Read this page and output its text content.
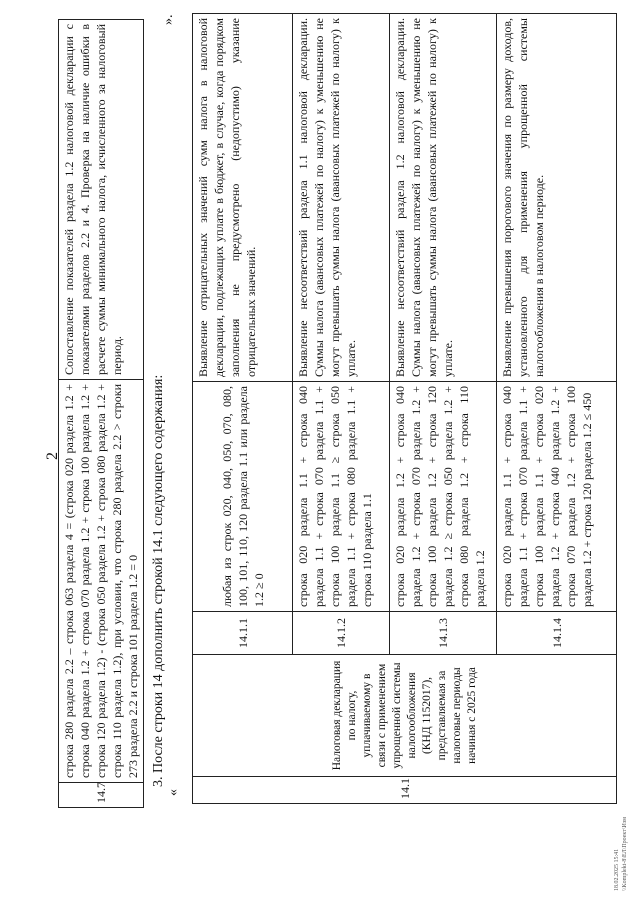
2
14.7	строка 280 раздела 2.2 – строка 063 раздела 4 = (строка 020 раздела 1.2 + строка 040 раздела 1.2 + строка 070 раздела 1.2 + строка 100 раздела 1.2 + строка 120 раздела 1.2) - (строка 050 раздела 1.2 + строка 080 раздела 1.2 + строка 110 раздела 1.2), при условии, что строка 280 раздела 2.2 > строки 273 раздела 2.2 и строка 101 раздела 1.2 = 0	Сопоставление показателей раздела 1.2 налоговой декларации с показателями разделов 2.2 и 4. Проверка на наличие ошибки в расчете суммы минимального налога, исчисленного за налоговый период.
3. После строки 14 дополнить строкой 14.1 следующего содержания:
«
».
14.1	Налоговая декларация по налогу, уплачиваемому в связи с применением упрощенной системы налогообложения (КНД 1152017), представляемая за налоговые периоды начиная с 2025 года	14.1.1	любая из строк 020, 040, 050, 070, 080, 100, 101, 110, 120 раздела 1.1 или раздела 1.2 ≥ 0	Выявление отрицательных значений сумм налога в налоговой декларации, подлежащих уплате в бюджет, в случае, когда порядком заполнения не предусмотрено (недопустимо) указание отрицательных значений.
		14.1.2	строка 020 раздела 1.1 + строка 040 раздела 1.1 + строка 070 раздела 1.1 + строка 100 раздела 1.1 ≥ строка 050 раздела 1.1 + строка 080 раздела 1.1 + строка 110 раздела 1.1	Выявление несоответствий раздела 1.1 налоговой декларации. Суммы налога (авансовых платежей по налогу) к уменьшению не могут превышать суммы налога (авансовых платежей по налогу) к уплате.
		14.1.3	строка 020 раздела 1.2 + строка 040 раздела 1.2 + строка 070 раздела 1.2 + строка 100 раздела 1.2 + строка 120 раздела 1.2 ≥ строка 050 раздела 1.2 + строка 080 раздела 1.2 + строка 110 раздела 1.2	Выявление несоответствий раздела 1.2 налоговой декларации. Суммы налога (авансовых платежей по налогу) к уменьшению не могут превышать суммы налога (авансовых платежей по налогу) к уплате.
		14.1.4	строка 020 раздела 1.1 + строка 040 раздела 1.1 + строка 070 раздела 1.1 + строка 100 раздела 1.1 + строка 020 раздела 1.2 + строка 040 раздела 1.2 + строка 070 раздела 1.2 + строка 100 раздела 1.2 + строка 120 раздела 1.2 ≤ 450	Выявление превышения порогового значения по размеру доходов, установленного для применения упрощенной системы налогообложения в налоговом периоде.
18.02.2025 15:41 \\Komplekt-8\ЕЛ\Проект\Изм
